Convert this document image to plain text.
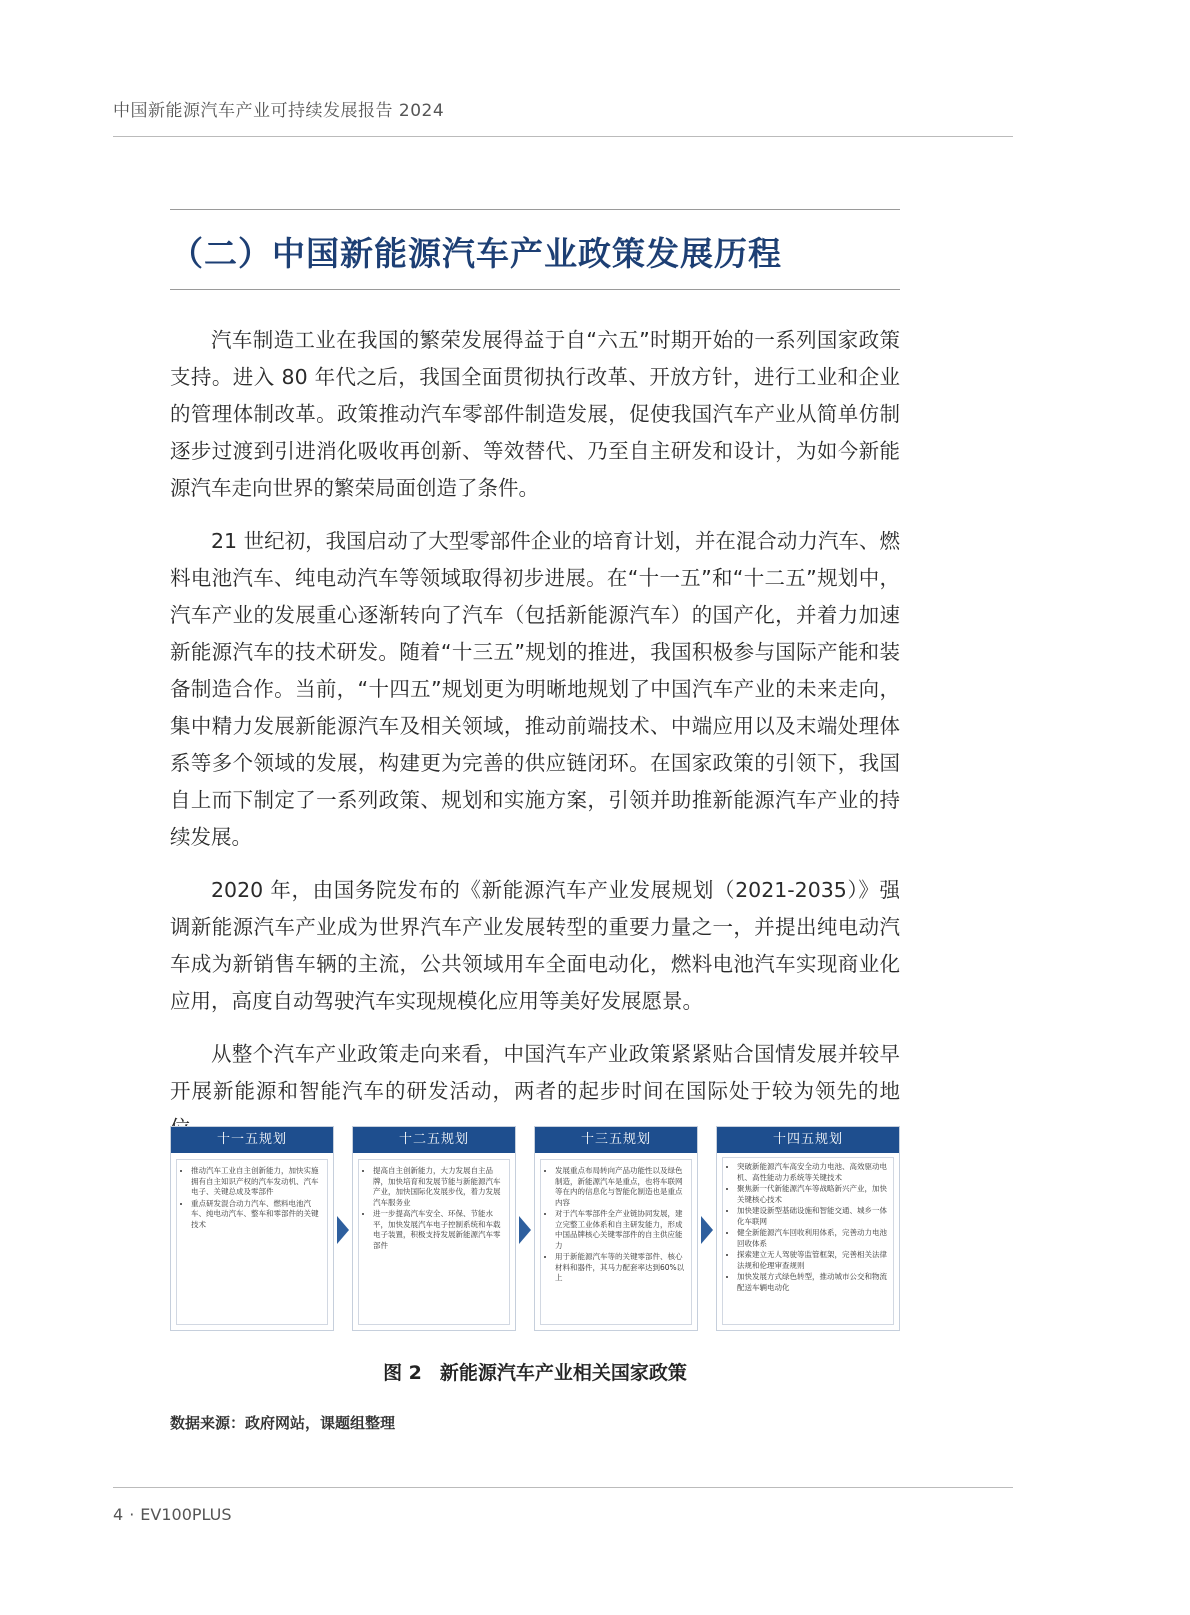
中国新能源汽车产业可持续发展报告 2024
（二）中国新能源汽车产业政策发展历程

汽车制造工业在我国的繁荣发展得益于自“六五”时期开始的一系列国家政策支持。进入 80 年代之后，我国全面贯彻执行改革、开放方针，进行工业和企业的管理体制改革。政策推动汽车零部件制造发展，促使我国汽车产业从简单仿制逐步过渡到引进消化吸收再创新、等效替代、乃至自主研发和设计，为如今新能源汽车走向世界的繁荣局面创造了条件。

21 世纪初，我国启动了大型零部件企业的培育计划，并在混合动力汽车、燃料电池汽车、纯电动汽车等领域取得初步进展。在“十一五”和“十二五”规划中，汽车产业的发展重心逐渐转向了汽车（包括新能源汽车）的国产化，并着力加速新能源汽车的技术研发。随着“十三五”规划的推进，我国积极参与国际产能和装备制造合作。当前，“十四五”规划更为明晰地规划了中国汽车产业的未来走向，集中精力发展新能源汽车及相关领域，推动前端技术、中端应用以及末端处理体系等多个领域的发展，构建更为完善的供应链闭环。在国家政策的引领下，我国自上而下制定了一系列政策、规划和实施方案，引领并助推新能源汽车产业的持续发展。

2020 年，由国务院发布的《新能源汽车产业发展规划（2021-2035）》强调新能源汽车产业成为世界汽车产业发展转型的重要力量之一，并提出纯电动汽车成为新销售车辆的主流，公共领域用车全面电动化，燃料电池汽车实现商业化应用，高度自动驾驶汽车实现规模化应用等美好发展愿景。

从整个汽车产业政策走向来看，中国汽车产业政策紧紧贴合国情发展并较早开展新能源和智能汽车的研发活动，两者的起步时间在国际处于较为领先的地

十一五规划
• 推动汽车工业自主创新能力，加快实施拥有自主知识产权的汽车发动机、汽车电子、关键总成及零部件
• 重点研发混合动力汽车、燃料电池汽车、纯电动汽车、整车和零部件的关键技术
十二五规划
• 提高自主创新能力，大力发展自主品牌，加快培育和发展节能与新能源汽车产业，加快国际化发展步伐，着力发展汽车服务业
• 进一步提高汽车安全、环保、节能水平，加快发展汽车电子控制系统和车载电子装置，积极支持发展新能源汽车零部件
十三五规划
• 发展重点布局转向产品功能性以及绿色制造，新能源汽车是重点，也将车联网等在内的信息化与智能化制造也是重点内容
• 对于汽车零部件全产业链协同发展，建立完整工业体系和自主研发能力，形成中国品牌核心关键零部件的自主供应能力
• 用于新能源汽车等的关键零部件、核心材料和器件，其马力配套率达到60%以上
十四五规划
• 突破新能源汽车高安全动力电池、高效驱动电机、高性能动力系统等关键技术
• 聚焦新一代新能源汽车等战略新兴产业，加快关键核心技术
• 加快建设新型基础设施和智能交通、城乡一体化车联网
• 健全新能源汽车回收利用体系，完善动力电池回收体系
• 探索建立无人驾驶等监管框架，完善相关法律法规和伦理审查规则
• 加快发展方式绿色转型，推动城市公交和物流配送车辆电动化
图 2 新能源汽车产业相关国家政策
数据来源：政府网站，课题组整理
4 · EV100PLUS
